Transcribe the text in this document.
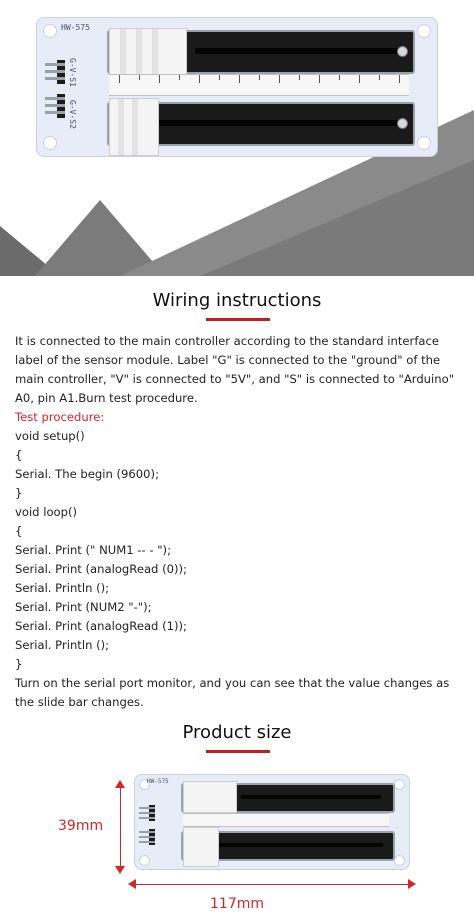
HW-575
G-V-S1
G-V-S2
Wiring instructions
It is connected to the main controller according to the standard interface label of the sensor module. Label "G" is connected to the "ground" of the main controller, "V" is connected to "5V", and "S" is connected to "Arduino" A0, pin A1.Burn test procedure.
Test procedure:
void setup()
{
Serial. The begin (9600);
}
void loop()
{
Serial. Print (" NUM1 -- - ");
Serial. Print (analogRead (0));
Serial. Println ();
Serial. Print (NUM2 "-");
Serial. Print (analogRead (1));
Serial. Println ();
}
Turn on the serial port monitor, and you can see that the value changes as the slide bar changes.
Product size
HW-575
39mm
117mm
